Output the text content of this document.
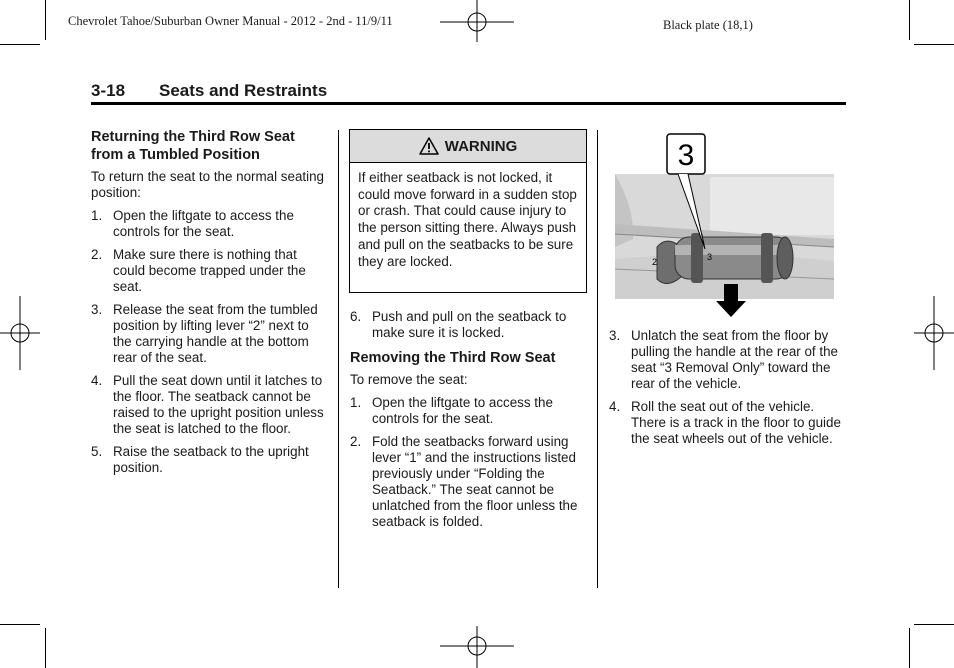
Chevrolet Tahoe/Suburban Owner Manual - 2012 - 2nd - 11/9/11	Black plate (18,1)
3-18 Seats and Restraints
Returning the Third Row Seat from a Tumbled Position

To return the seat to the normal seating position:

1. Open the liftgate to access the controls for the seat.
2. Make sure there is nothing that could become trapped under the seat.
3. Release the seat from the tumbled position by lifting lever “2” next to the carrying handle at the bottom rear of the seat.
4. Pull the seat down until it latches to the floor. The seatback cannot be raised to the upright position unless the seat is latched to the floor.
5. Raise the seatback to the upright position.
WARNING
If either seatback is not locked, it could move forward in a sudden stop or crash. That could cause injury to the person sitting there. Always push and pull on the seatbacks to be sure they are locked.
6. Push and pull on the seatback to make sure it is locked.
Removing the Third Row Seat

To remove the seat:

1. Open the liftgate to access the controls for the seat.
2. Fold the seatbacks forward using lever “1” and the instructions listed previously under “Folding the Seatback.” The seat cannot be unlatched from the floor unless the seatback is folded.
3
2	3
3. Unlatch the seat from the floor by pulling the handle at the rear of the seat “3 Removal Only” toward the rear of the vehicle.
4. Roll the seat out of the vehicle. There is a track in the floor to guide the seat wheels out of the vehicle.
